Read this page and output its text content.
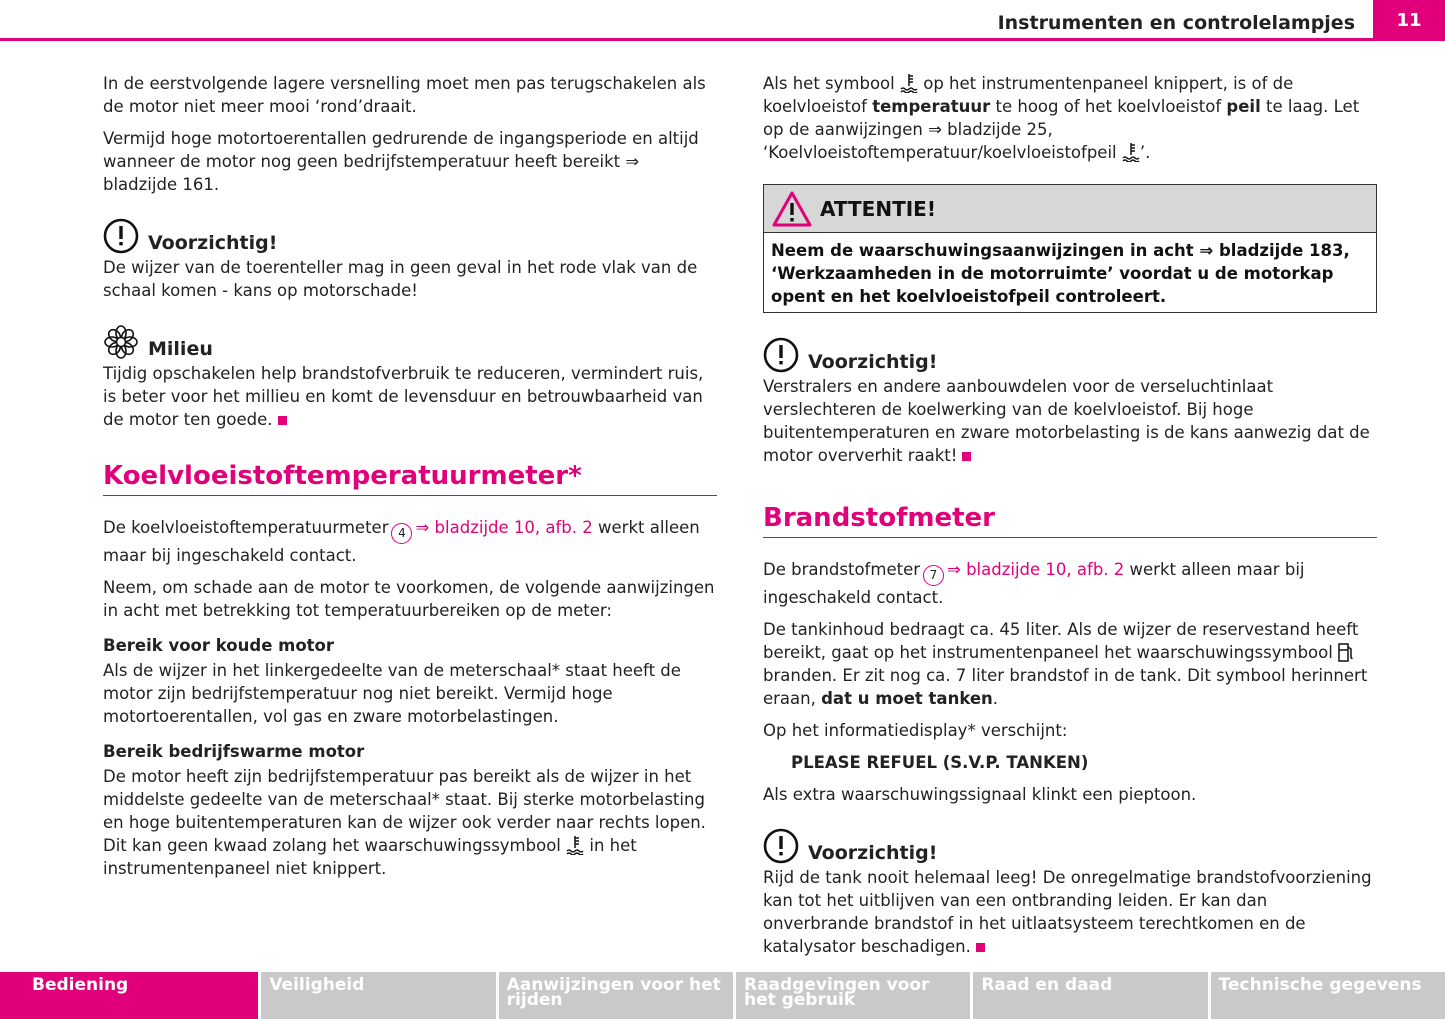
Instrumenten en controlelampjes	11

In de eerstvolgende lagere versnelling moet men pas terugschakelen als de motor niet meer mooi ‘rond’draait.

Vermijd hoge motortoerentallen gedrurende de ingangsperiode en altijd wanneer de motor nog geen bedrijfstemperatuur heeft bereikt ⇒ bladzijde 161.

Voorzichtig!

De wijzer van de toerenteller mag in geen geval in het rode vlak van de schaal komen - kans op motorschade!

Milieu

Tijdig opschakelen help brandstofverbruik te reduceren, vermindert ruis, is beter voor het millieu en komt de levensduur en betrouwbaarheid van de motor ten goede.

Koelvloeistoftemperatuurmeter*

De koelvloeistoftemperatuurmeter 4 ⇒ bladzijde 10, afb. 2 werkt alleen maar bij ingeschakeld contact.

Neem, om schade aan de motor te voorkomen, de volgende aanwijzingen in acht met betrekking tot temperatuurbereiken op de meter:

Bereik voor koude motor

Als de wijzer in het linkergedeelte van de meterschaal* staat heeft de motor zijn bedrijfstemperatuur nog niet bereikt. Vermijd hoge motortoerentallen, vol gas en zware motorbelastingen.

Bereik bedrijfswarme motor

De motor heeft zijn bedrijfstemperatuur pas bereikt als de wijzer in het middelste gedeelte van de meterschaal* staat. Bij sterke motorbelasting en hoge buitentemperaturen kan de wijzer ook verder naar rechts lopen. Dit kan geen kwaad zolang het waarschuwingssymbool in het instrumentenpaneel niet knippert.

Als het symbool op het instrumentenpaneel knippert, is of de koelvloeistof temperatuur te hoog of het koelvloeistof peil te laag. Let op de aanwijzingen ⇒ bladzijde 25, ‘Koelvloeistoftemperatuur/koelvloeistofpeil ’.

ATTENTIE!
Neem de waarschuwingsaanwijzingen in acht ⇒ bladzijde 183, ‘Werkzaamheden in de motorruimte’ voordat u de motorkap opent en het koelvloeistofpeil controleert.
Voorzichtig!

Verstralers en andere aanbouwdelen voor de verseluchtinlaat verslechteren de koelwerking van de koelvloeistof. Bij hoge buitentemperaturen en zware motorbelasting is de kans aanwezig dat de motor oververhit raakt!

Brandstofmeter

De brandstofmeter 7 ⇒ bladzijde 10, afb. 2 werkt alleen maar bij ingeschakeld contact.

De tankinhoud bedraagt ca. 45 liter. Als de wijzer de reservestand heeft bereikt, gaat op het instrumentenpaneel het waarschuwingssymbool  branden. Er zit nog ca. 7 liter brandstof in de tank. Dit symbool herinnert eraan, dat u moet tanken.

Op het informatiedisplay* verschijnt:

PLEASE REFUEL (S.V.P. TANKEN)

Als extra waarschuwingssignaal klinkt een pieptoon.

Voorzichtig!

Rijd de tank nooit helemaal leeg! De onregelmatige brandstofvoorziening kan tot het uitblijven van een ontbranding leiden. Er kan dan onverbrande brandstof in het uitlaatsysteem terechtkomen en de katalysator beschadigen.

Bediening	Veiligheid	Aanwijzingen voor het rijden
Raadgevingen voor het gebruik
Raad en daad	Technische gegevens
